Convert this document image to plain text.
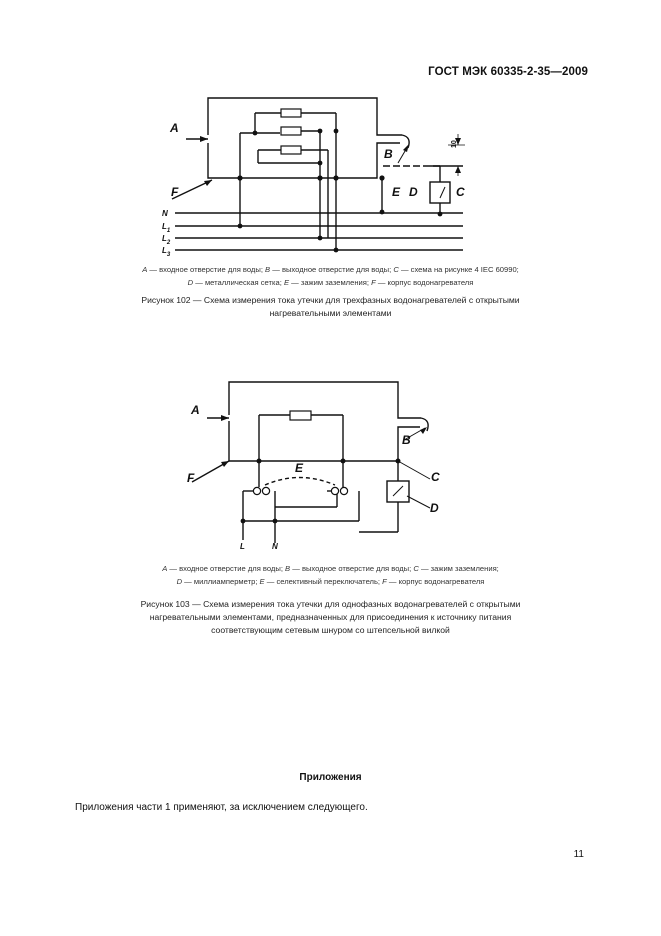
ГОСТ МЭК 60335-2-35—2009
A
B
C
D
E
F
N
$L_1$
$L_2$
$L_3$
10
A — входное отверстие для воды; B — выходное отверстие для воды; C — схема на рисунке 4 IEC 60990;
D — металлическая сетка; E — зажим заземления; F — корпус водонагревателя
Рисунок 102 — Схема измерения тока утечки для трехфазных водонагревателей с открытыми
нагревательными элементами
A
B
C
D
E
F
L	N
A — входное отверстие для воды; B — выходное отверстие для воды; C — зажим заземления;
D — миллиамперметр; E — селективный переключатель; F — корпус водонагревателя
Рисунок 103 — Схема измерения тока утечки для однофазных водонагревателей с открытыми
нагревательными элементами, предназначенных для присоединения к источнику питания
соответствующим сетевым шнуром со штепсельной вилкой
Приложения
Приложения части 1 применяют, за исключением следующего.
11
